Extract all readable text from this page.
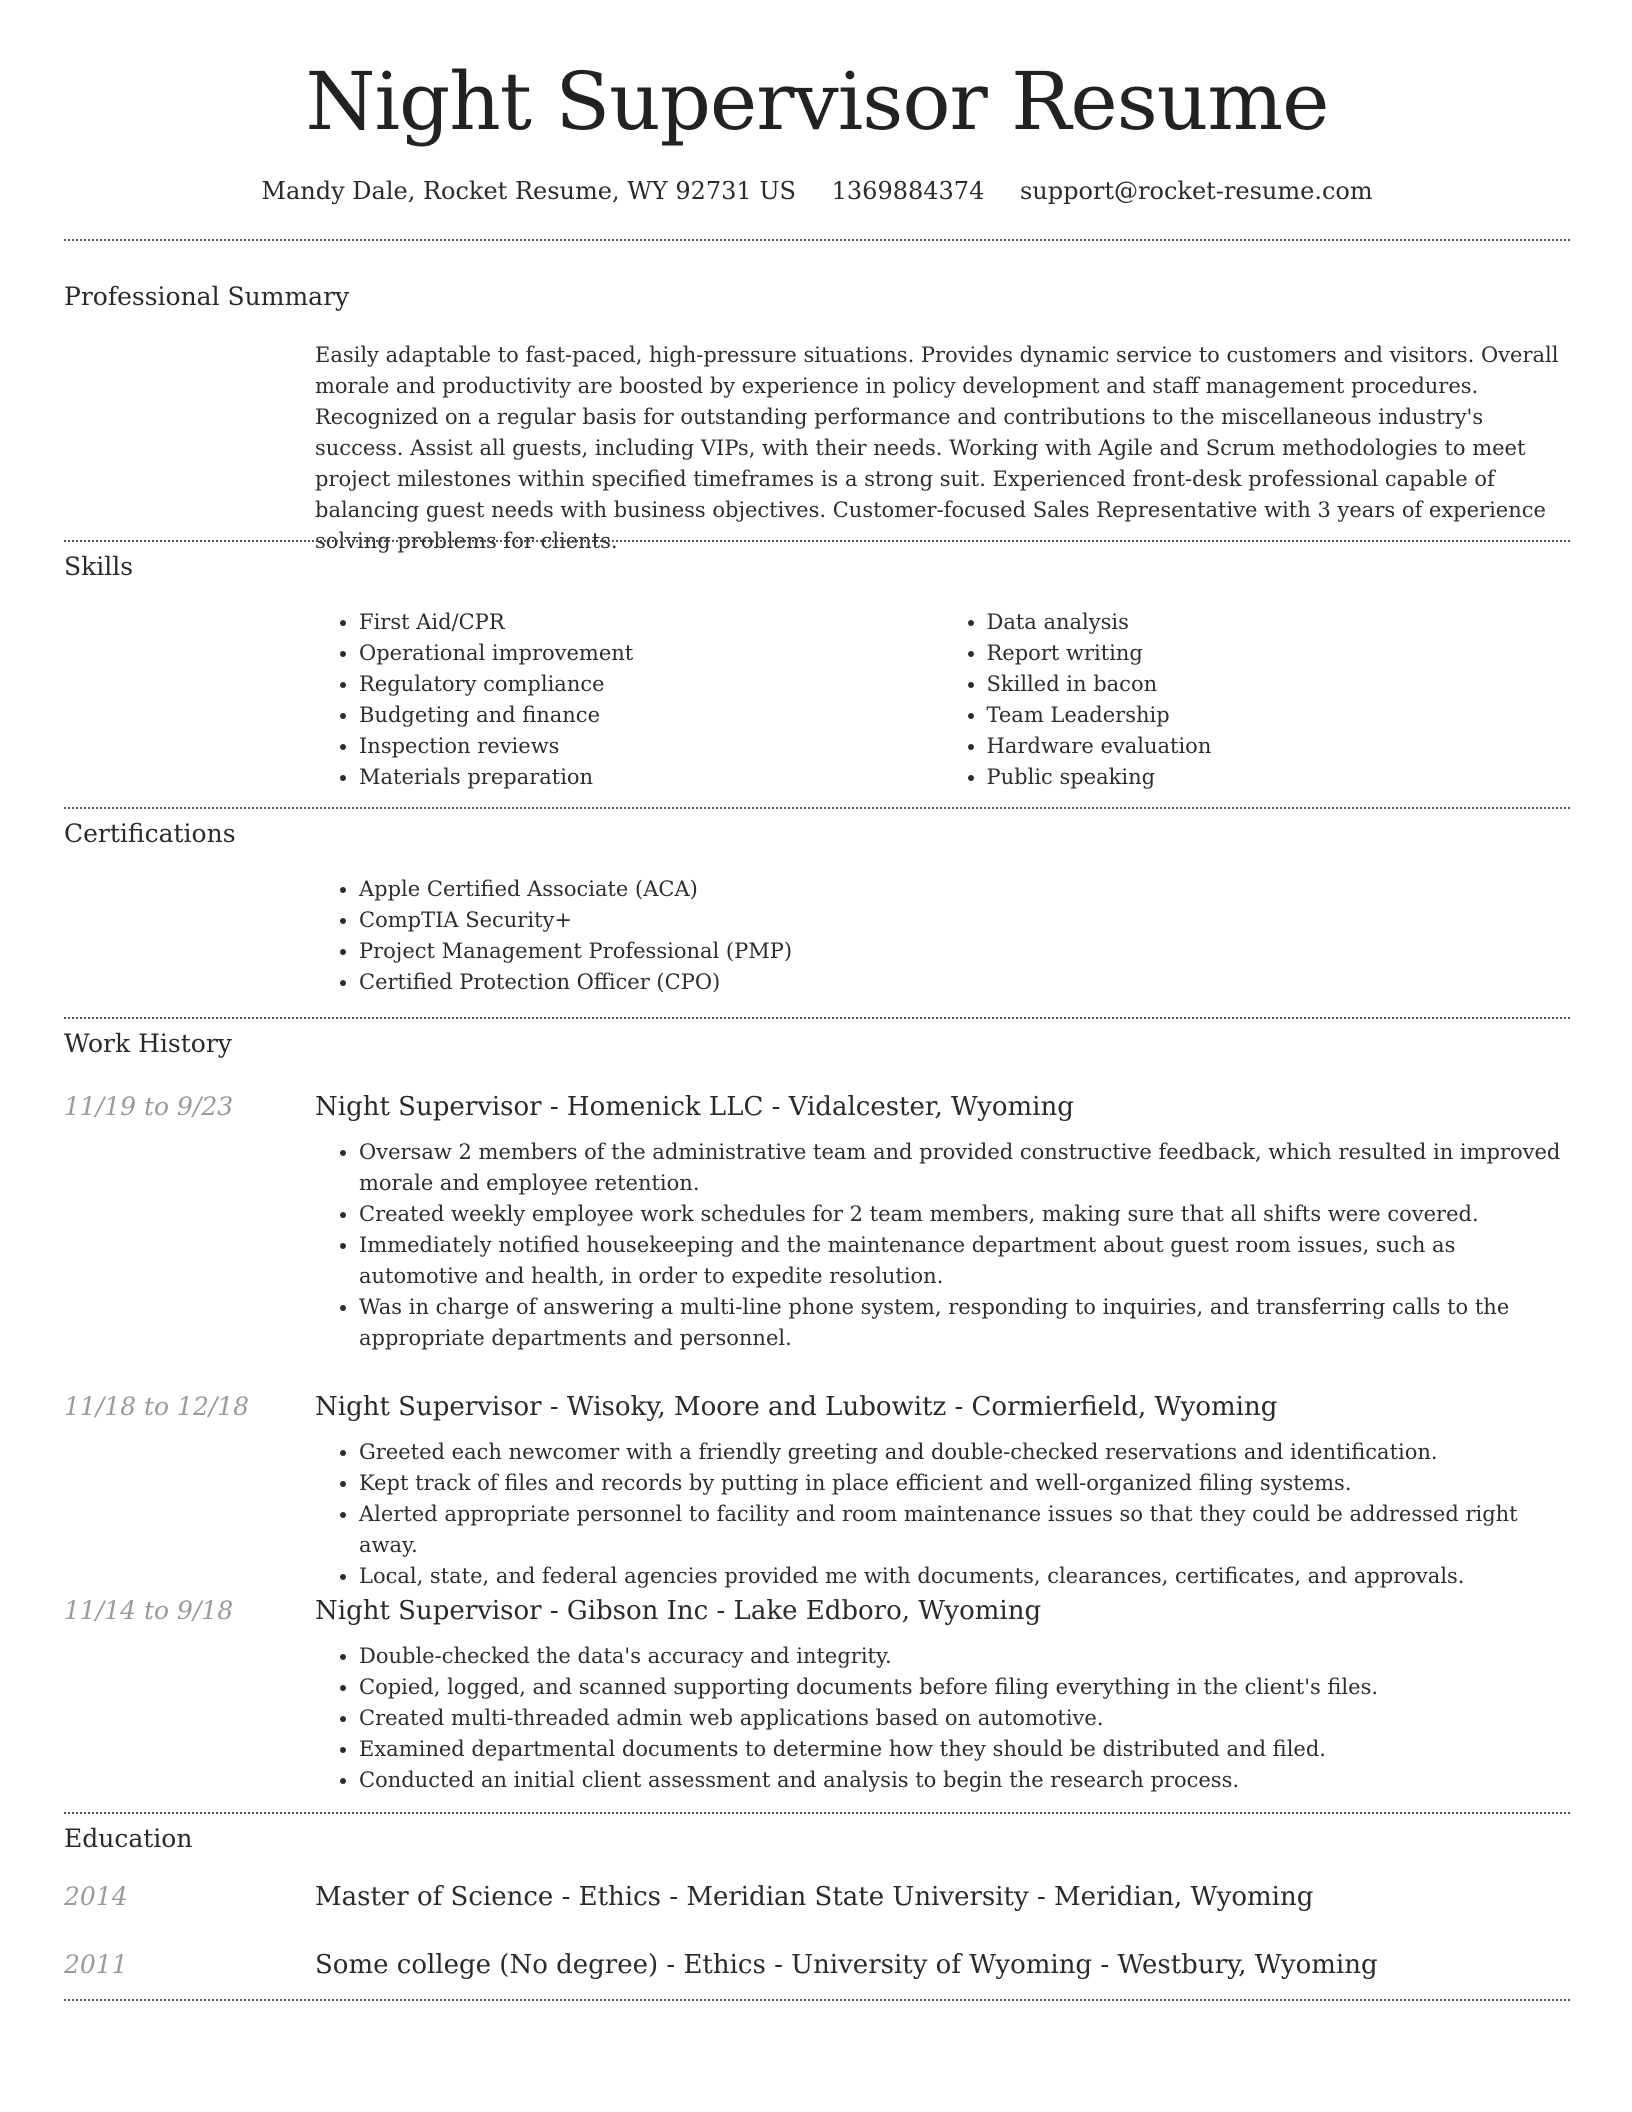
Night Supervisor Resume
Mandy Dale, Rocket Resume, WY 92731 US 1369884374 support@rocket-resume.com
Professional Summary

Easily adaptable to fast-paced, high-pressure situations. Provides dynamic service to customers and visitors. Overall morale and productivity are boosted by experience in policy development and staff management procedures. Recognized on a regular basis for outstanding performance and contributions to the miscellaneous industry's success. Assist all guests, including VIPs, with their needs. Working with Agile and Scrum methodologies to meet project milestones within specified timeframes is a strong suit. Experienced front-desk professional capable of balancing guest needs with business objectives. Customer-focused Sales Representative with 3 years of experience solving problems for clients.

Skills
• First Aid/CPR
• Operational improvement
• Regulatory compliance
• Budgeting and finance
• Inspection reviews
• Materials preparation
• Data analysis
• Report writing
• Skilled in bacon
• Team Leadership
• Hardware evaluation
• Public speaking
Certifications
• Apple Certified Associate (ACA)
• CompTIA Security+
• Project Management Professional (PMP)
• Certified Protection Officer (CPO)
Work History
11/19 to 9/23	Night Supervisor - Homenick LLC - Vidalcester, Wyoming
• Oversaw 2 members of the administrative team and provided constructive feedback, which resulted in improved morale and employee retention.
• Created weekly employee work schedules for 2 team members, making sure that all shifts were covered.
• Immediately notified housekeeping and the maintenance department about guest room issues, such as automotive and health, in order to expedite resolution.
• Was in charge of answering a multi-line phone system, responding to inquiries, and transferring calls to the appropriate departments and personnel.
11/18 to 12/18	Night Supervisor - Wisoky, Moore and Lubowitz - Cormierfield, Wyoming
• Greeted each newcomer with a friendly greeting and double-checked reservations and identification.
• Kept track of files and records by putting in place efficient and well-organized filing systems.
• Alerted appropriate personnel to facility and room maintenance issues so that they could be addressed right away.
• Local, state, and federal agencies provided me with documents, clearances, certificates, and approvals.
11/14 to 9/18	Night Supervisor - Gibson Inc - Lake Edboro, Wyoming
• Double-checked the data's accuracy and integrity.
• Copied, logged, and scanned supporting documents before filing everything in the client's files.
• Created multi-threaded admin web applications based on automotive.
• Examined departmental documents to determine how they should be distributed and filed.
• Conducted an initial client assessment and analysis to begin the research process.
Education
2014	Master of Science - Ethics - Meridian State University - Meridian, Wyoming
2011	Some college (No degree) - Ethics - University of Wyoming - Westbury, Wyoming
